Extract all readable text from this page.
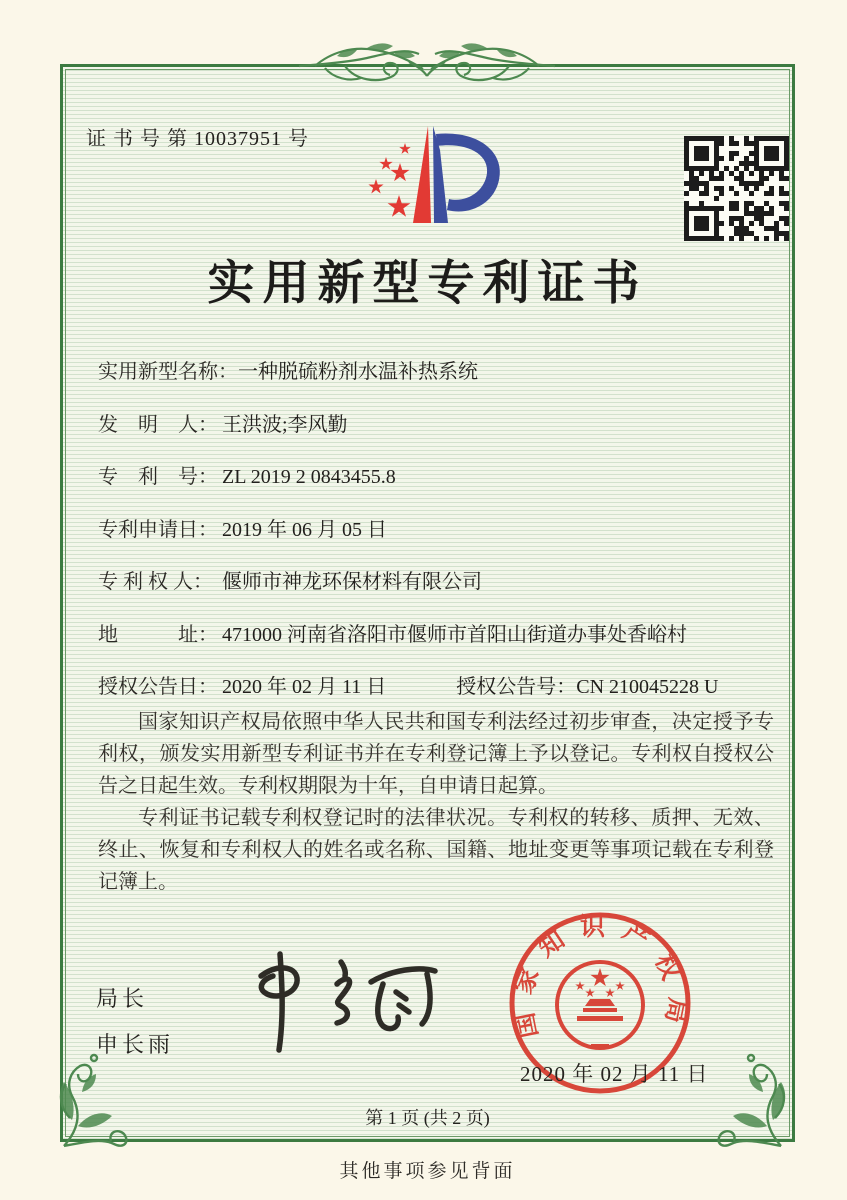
证 书 号 第 10037951 号
实用新型专利证书
实用新型名称： 一种脱硫粉剂水温补热系统
发　明　人： 王洪波;李风勤
专　利　号： ZL 2019 2 0843455.8
专利申请日： 2019 年 06 月 05 日
专 利 权 人： 偃师市神龙环保材料有限公司
地　　　址： 471000 河南省洛阳市偃师市首阳山街道办事处香峪村
授权公告日： 2020 年 02 月 11 日	授权公告号： CN 210045228 U

国家知识产权局依照中华人民共和国专利法经过初步审查，决定授予专利权，颁发实用新型专利证书并在专利登记簿上予以登记。专利权自授权公告之日起生效。专利权期限为十年，自申请日起算。

专利证书记载专利权登记时的法律状况。专利权的转移、质押、无效、终止、恢复和专利权人的姓名或名称、国籍、地址变更等事项记载在专利登记簿上。

局长
申长雨
国家知识产权局
2020 年 02 月 11 日
第 1 页 (共 2 页)
其他事项参见背面
